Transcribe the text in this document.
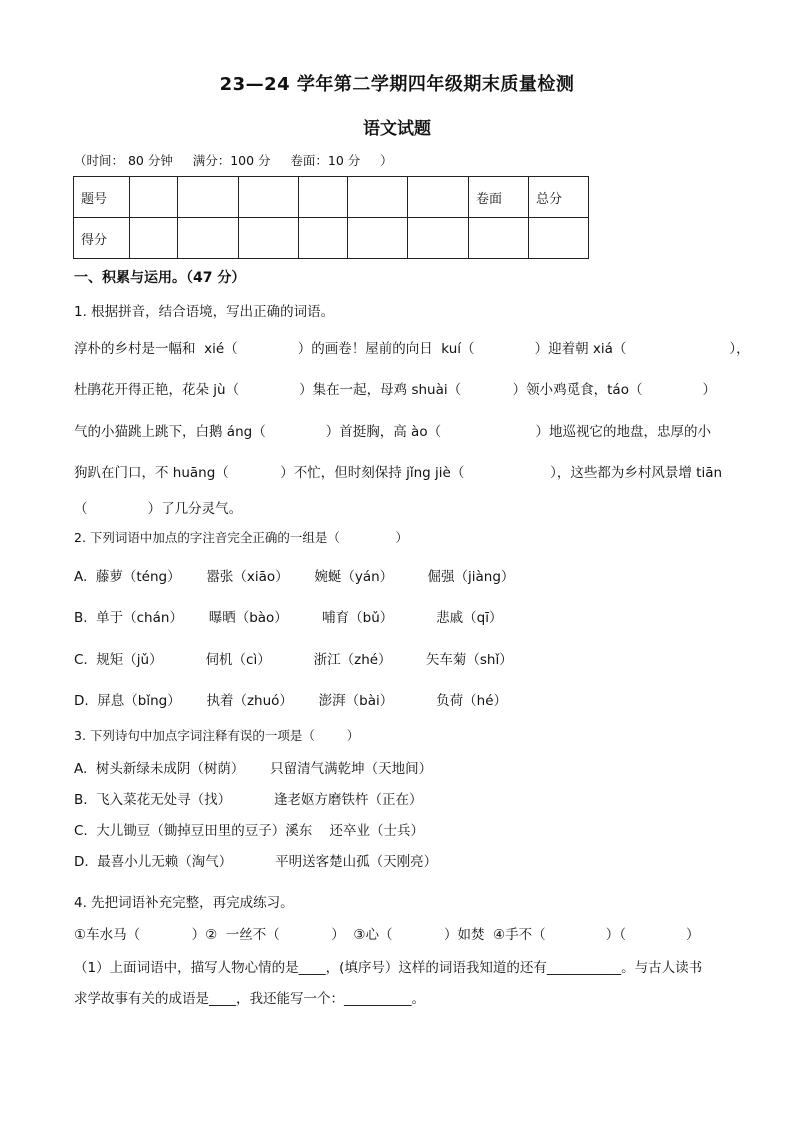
23—24 学年第二学期四年级期末质量检测
语文试题
（时间： 80 分钟     满分：100 分     卷面：10 分     ）
题号							卷面	总分
得分								
一、积累与运用。（47 分）
1. 根据拼音，结合语境，写出正确的词语。
淳朴的乡村是一幅和  xié（              ）的画卷！屋前的向日  kuí（              ）迎着朝 xiá（                        ），
杜鹃花开得正艳，花朵 jù（              ）集在一起，母鸡 shuài（            ）领小鸡觅食，táo（              ）
气的小猫跳上跳下，白鹅 áng（              ）首挺胸，高 ào（                      ）地巡视它的地盘，忠厚的小
狗趴在门口，不 huāng（            ）不忙，但时刻保持 jǐng jiè（                    ），这些都为乡村风景增 tiān
（              ）了几分灵气。
2. 下列词语中加点的字注音完全正确的一组是（              ）
A.  藤萝（téng）      嚣张（xiāo）      婉蜒（yán）        倔强（jiàng）
B.  单于（chán）      曝晒（bào）        哺育（bǔ）          悲戚（qī）
C.  规矩（jǔ）          伺机（cì）          浙江（zhé）        矢车菊（shǐ）
D.  屏息（bǐng）      执着（zhuó）      澎湃（bài）          负荷（hé）
3. 下列诗句中加点字词注释有误的一项是（        ）
A.  树头新绿未成阴（树荫）      只留清气满乾坤（天地间）
B.  飞入菜花无处寻（找）          逢老妪方磨铁杵（正在）
C.  大儿锄豆（锄掉豆田里的豆子）溪东    还卒业（士兵）
D.  最喜小儿无赖（淘气）          平明送客楚山孤（天刚亮）
4. 先把词语补充完整，再完成练习。
①车水马（            ）②  一丝不（            ）  ③心（            ）如焚  ④手不（              ）（              ）
（1）上面词语中，描写人物心情的是____，(填序号）这样的词语我知道的还有___________。与古人读书
求学故事有关的成语是____，我还能写一个：__________。
